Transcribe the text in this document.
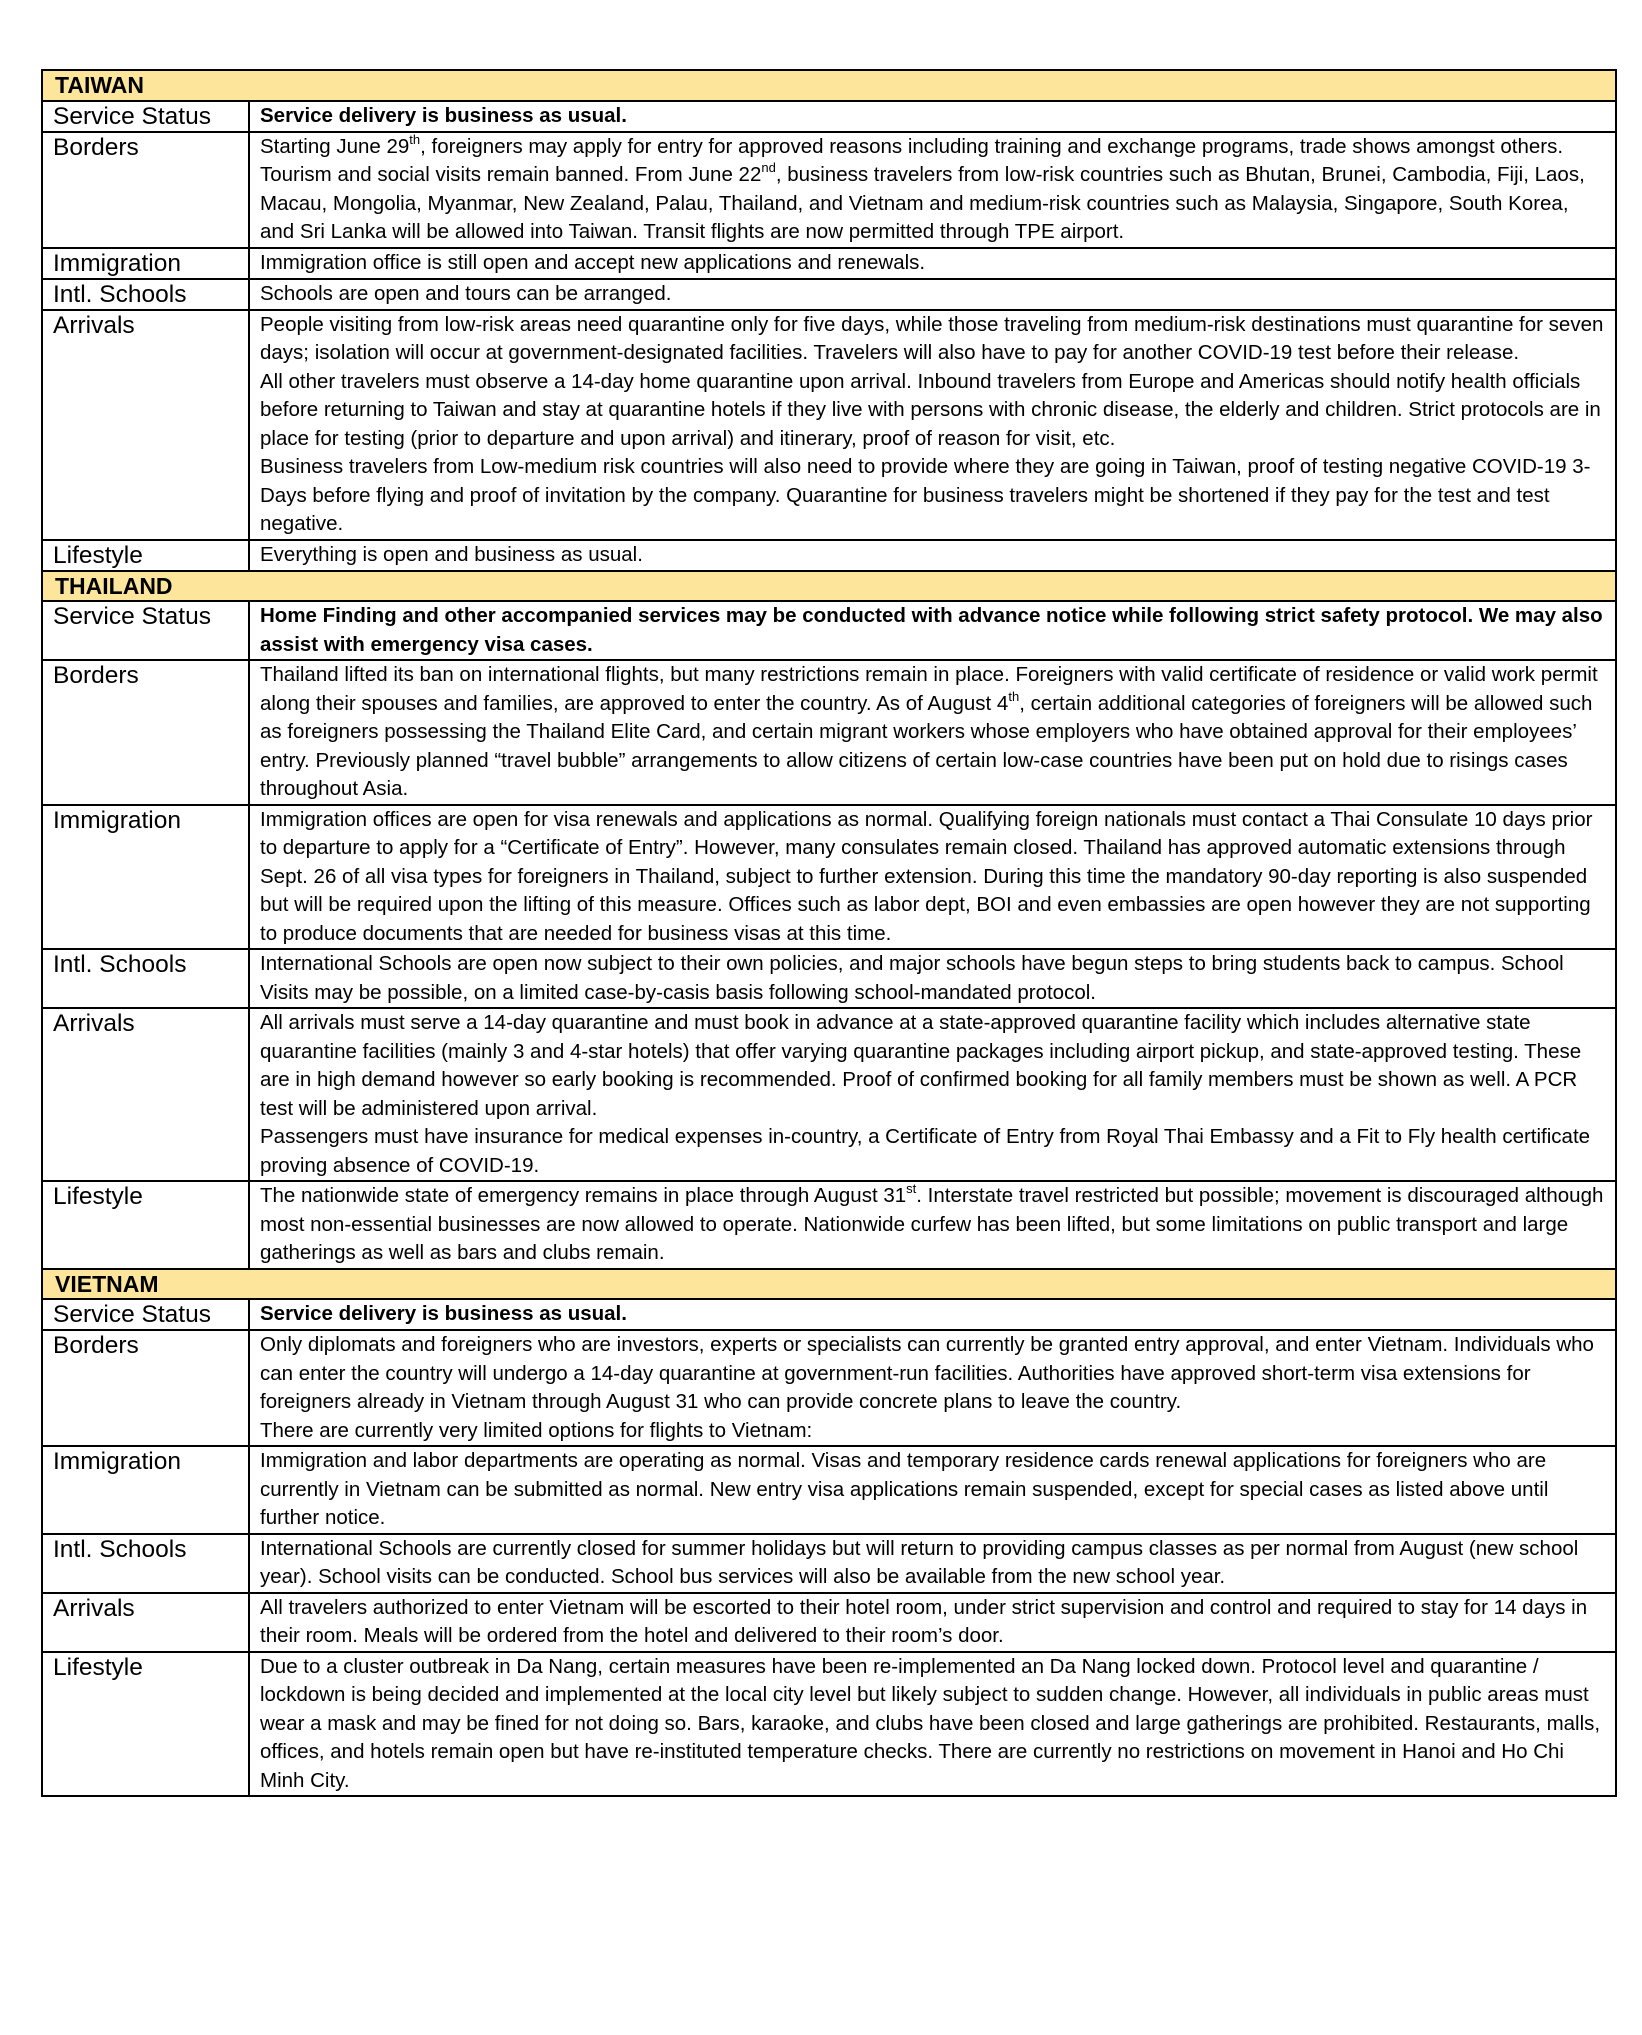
TAIWAN	
Service Status	Service delivery is business as usual.

Borders	Starting June 29th, foreigners may apply for entry for approved reasons including training and exchange programs, trade shows amongst others. Tourism and social visits remain banned. From June 22nd, business travelers from low-risk countries such as Bhutan, Brunei, Cambodia, Fiji, Laos, Macau, Mongolia, Myanmar, New Zealand, Palau, Thailand, and Vietnam and medium-risk countries such as Malaysia, Singapore, South Korea, and Sri Lanka will be allowed into Taiwan. Transit flights are now permitted through TPE airport.

Immigration	Immigration office is still open and accept new applications and renewals.

Intl. Schools	Schools are open and tours can be arranged.

Arrivals	People visiting from low-risk areas need quarantine only for five days, while those traveling from medium-risk destinations must quarantine for seven days; isolation will occur at government-designated facilities. Travelers will also have to pay for another COVID-19 test before their release.

All other travelers must observe a 14-day home quarantine upon arrival. Inbound travelers from Europe and Americas should notify health officials before returning to Taiwan and stay at quarantine hotels if they live with persons with chronic disease, the elderly and children. Strict protocols are in place for testing (prior to departure and upon arrival) and itinerary, proof of reason for visit, etc.

Business travelers from Low-medium risk countries will also need to provide where they are going in Taiwan, proof of testing negative COVID-19 3-Days before flying and proof of invitation by the company. Quarantine for business travelers might be shortened if they pay for the test and test negative.

Lifestyle	Everything is open and business as usual.

THAILAND	
Service Status	Home Finding and other accompanied services may be conducted with advance notice while following strict safety protocol. We may also assist with emergency visa cases.

Borders	Thailand lifted its ban on international flights, but many restrictions remain in place. Foreigners with valid certificate of residence or valid work permit along their spouses and families, are approved to enter the country. As of August 4th, certain additional categories of foreigners will be allowed such as foreigners possessing the Thailand Elite Card, and certain migrant workers whose employers who have obtained approval for their employees’ entry. Previously planned “travel bubble” arrangements to allow citizens of certain low-case countries have been put on hold due to risings cases throughout Asia.

Immigration	Immigration offices are open for visa renewals and applications as normal. Qualifying foreign nationals must contact a Thai Consulate 10 days prior to departure to apply for a “Certificate of Entry”. However, many consulates remain closed. Thailand has approved automatic extensions through Sept. 26 of all visa types for foreigners in Thailand, subject to further extension. During this time the mandatory 90-day reporting is also suspended but will be required upon the lifting of this measure. Offices such as labor dept, BOI and even embassies are open however they are not supporting to produce documents that are needed for business visas at this time.

Intl. Schools	International Schools are open now subject to their own policies, and major schools have begun steps to bring students back to campus. School Visits may be possible, on a limited case-by-casis basis following school-mandated protocol.

Arrivals	All arrivals must serve a 14-day quarantine and must book in advance at a state-approved quarantine facility which includes alternative state quarantine facilities (mainly 3 and 4-star hotels) that offer varying quarantine packages including airport pickup, and state-approved testing. These are in high demand however so early booking is recommended. Proof of confirmed booking for all family members must be shown as well. A PCR test will be administered upon arrival.

Passengers must have insurance for medical expenses in-country, a Certificate of Entry from Royal Thai Embassy and a Fit to Fly health certificate proving absence of COVID-19.

Lifestyle	The nationwide state of emergency remains in place through August 31st. Interstate travel restricted but possible; movement is discouraged although most non-essential businesses are now allowed to operate. Nationwide curfew has been lifted, but some limitations on public transport and large gatherings as well as bars and clubs remain.

VIETNAM	
Service Status	Service delivery is business as usual.

Borders	Only diplomats and foreigners who are investors, experts or specialists can currently be granted entry approval, and enter Vietnam. Individuals who can enter the country will undergo a 14-day quarantine at government-run facilities. Authorities have approved short-term visa extensions for foreigners already in Vietnam through August 31 who can provide concrete plans to leave the country.

There are currently very limited options for flights to Vietnam:

Immigration	Immigration and labor departments are operating as normal. Visas and temporary residence cards renewal applications for foreigners who are currently in Vietnam can be submitted as normal. New entry visa applications remain suspended, except for special cases as listed above until further notice.

Intl. Schools	International Schools are currently closed for summer holidays but will return to providing campus classes as per normal from August (new school year). School visits can be conducted. School bus services will also be available from the new school year.

Arrivals	All travelers authorized to enter Vietnam will be escorted to their hotel room, under strict supervision and control and required to stay for 14 days in their room. Meals will be ordered from the hotel and delivered to their room’s door.

Lifestyle	Due to a cluster outbreak in Da Nang, certain measures have been re-implemented an Da Nang locked down. Protocol level and quarantine / lockdown is being decided and implemented at the local city level but likely subject to sudden change. However, all individuals in public areas must wear a mask and may be fined for not doing so. Bars, karaoke, and clubs have been closed and large gatherings are prohibited. Restaurants, malls, offices, and hotels remain open but have re-instituted temperature checks. There are currently no restrictions on movement in Hanoi and Ho Chi Minh City.
